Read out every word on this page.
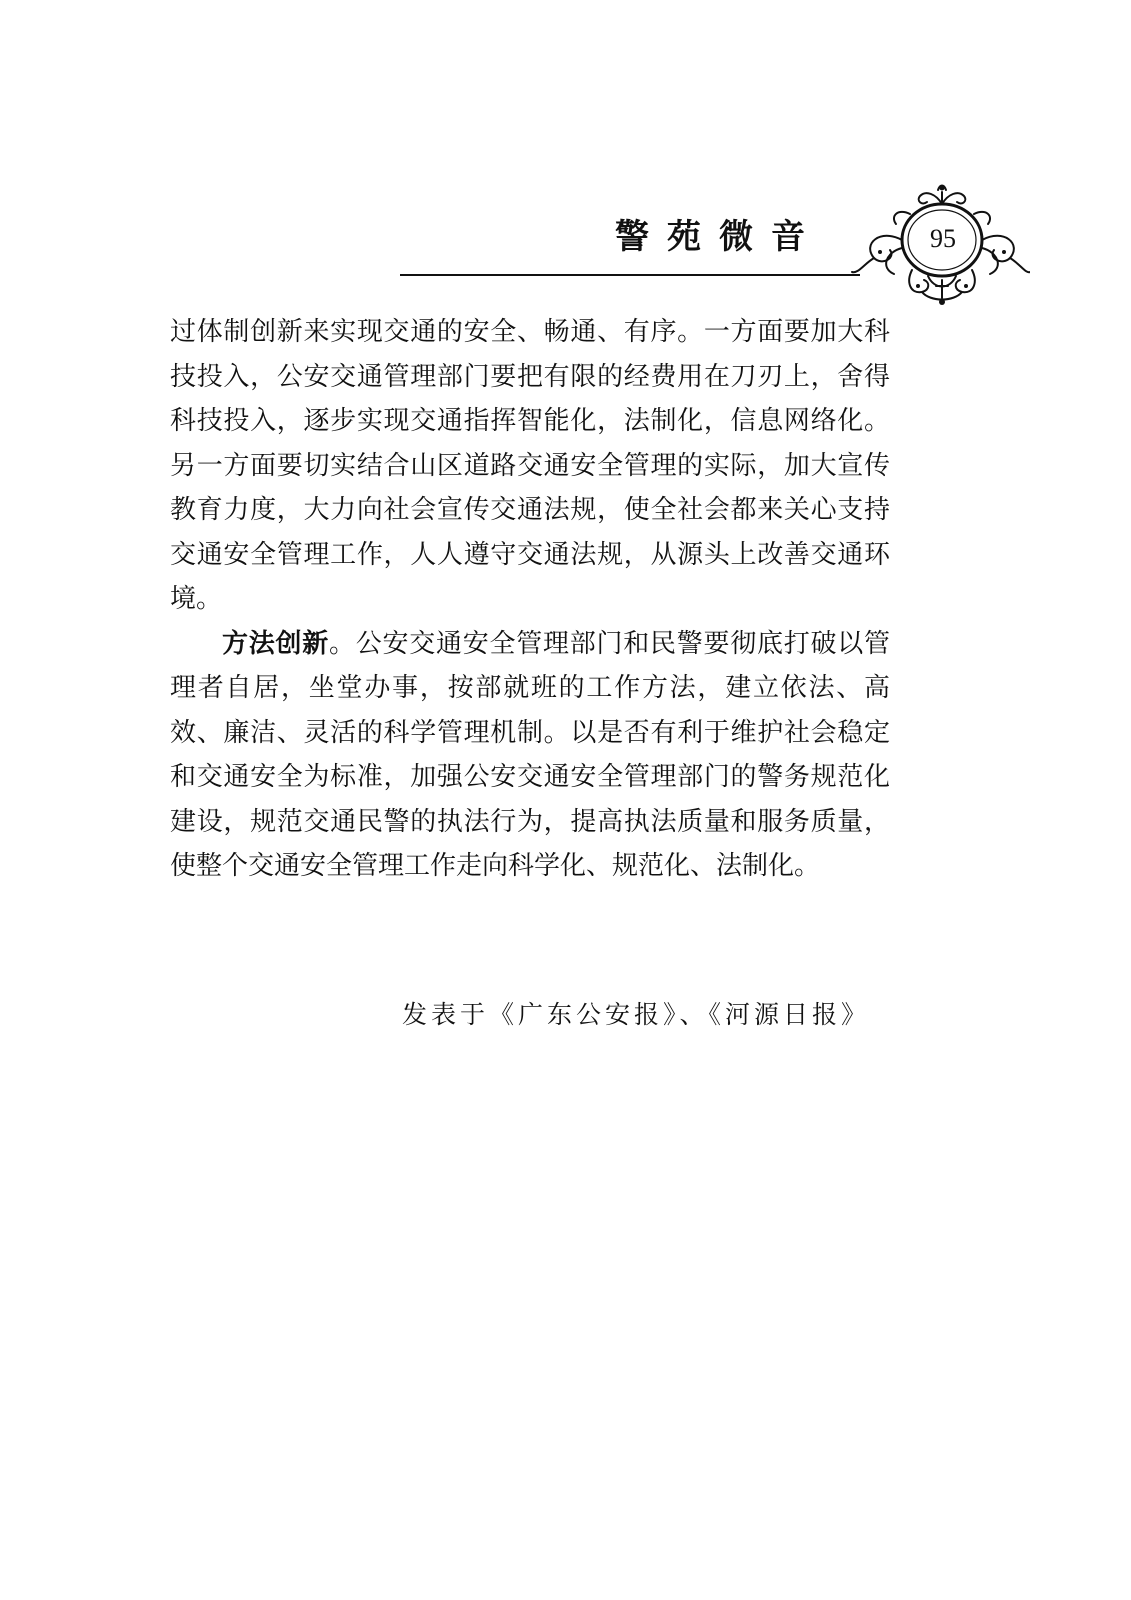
警苑微音	95

过体制创新来实现交通的安全、畅通、有序。一方面要加大科技投入，公安交通管理部门要把有限的经费用在刀刃上，舍得科技投入，逐步实现交通指挥智能化，法制化，信息网络化。另一方面要切实结合山区道路交通安全管理的实际，加大宣传教育力度，大力向社会宣传交通法规，使全社会都来关心支持交通安全管理工作，人人遵守交通法规，从源头上改善交通环境。

方法创新。公安交通安全管理部门和民警要彻底打破以管理者自居，坐堂办事，按部就班的工作方法，建立依法、高效、廉洁、灵活的科学管理机制。以是否有利于维护社会稳定和交通安全为标准，加强公安交通安全管理部门的警务规范化建设，规范交通民警的执法行为，提高执法质量和服务质量，使整个交通安全管理工作走向科学化、规范化、法制化。

发表于《广东公安报》、《河源日报》
